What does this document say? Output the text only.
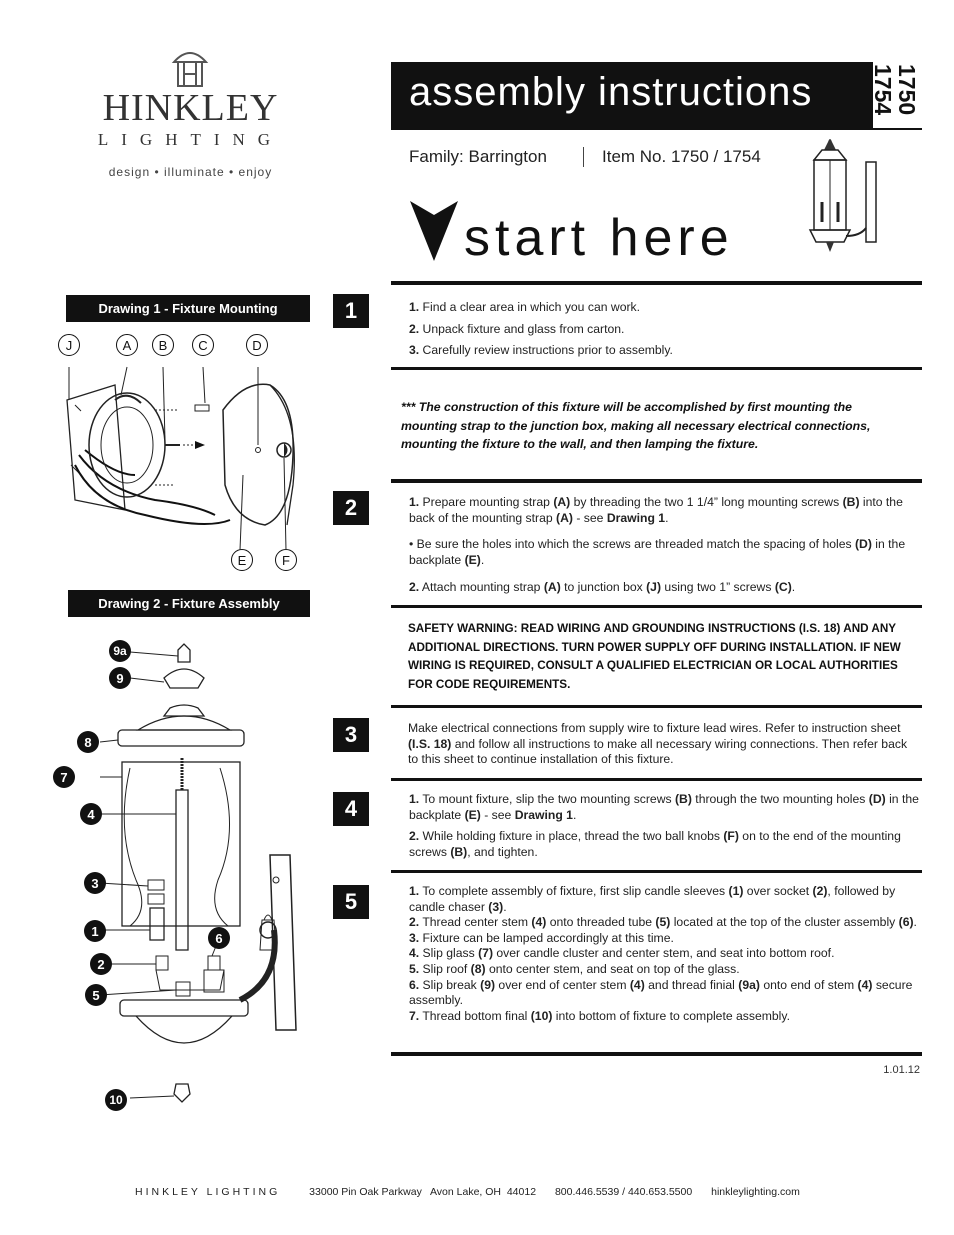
HINKLEY
LIGHTING
design • illuminate • enjoy
assembly instructions	1750
1754
Family: Barrington	Item No. 1750 / 1754
start here
1	1. Find a clear area in which you can work.

2. Unpack fixture and glass from carton.

3. Carefully review instructions prior to assembly.

*** The construction of this fixture will be accomplished by first mounting the mounting strap to the junction box, making all necessary electrical connections, mounting the fixture to the wall, and then lamping the fixture.
2	1. Prepare mounting strap (A) by threading the two 1 1/4” long mounting screws (B) into the back of the mounting strap (A) - see Drawing 1.

• Be sure the holes into which the screws are threaded match the spacing of holes (D) in the backplate (E).

2. Attach mounting strap (A) to junction box (J) using two 1” screws (C).

SAFETY WARNING: READ WIRING AND GROUNDING INSTRUCTIONS (I.S. 18) AND ANY ADDITIONAL DIRECTIONS. TURN POWER SUPPLY OFF DURING INSTALLATION. IF NEW WIRING IS REQUIRED, CONSULT A QUALIFIED ELECTRICIAN OR LOCAL AUTHORITIES FOR CODE REQUIREMENTS.
3	Make electrical connections from supply wire to fixture lead wires. Refer to instruction sheet (I.S. 18) and follow all instructions to make all necessary wiring connections. Then refer back to this sheet to continue installation of this fixture.

4	1. To mount fixture, slip the two mounting screws (B) through the two mounting holes (D) in the backplate (E) - see Drawing 1.

2. While holding fixture in place, thread the two ball knobs (F) on to the end of the mounting screws (B), and tighten.

5	1. To complete assembly of fixture, first slip candle sleeves (1) over socket (2), followed by candle chaser (3).

2. Thread center stem (4) onto threaded tube (5) located at the top of the cluster assembly (6).

3. Fixture can be lamped accordingly at this time.

4. Slip glass (7) over candle cluster and center stem, and seat into bottom roof.

5. Slip roof (8) onto center stem, and seat on top of the glass.

6. Slip break (9) over end of center stem (4) and thread finial (9a) onto end of stem (4) secure assembly.

7. Thread bottom final (10) into bottom of fixture to complete assembly.

1.01.12
Drawing 1 - Fixture Mounting
J	A	B	C	D
E	F
Drawing 2 - Fixture Assembly
9a
9
8
7
4
3
1	6
2
5
10
HINKLEY LIGHTING	33000 Pin Oak Parkway   Avon Lake, OH  44012 800.446.5539 / 440.653.5500 hinkleylighting.com
